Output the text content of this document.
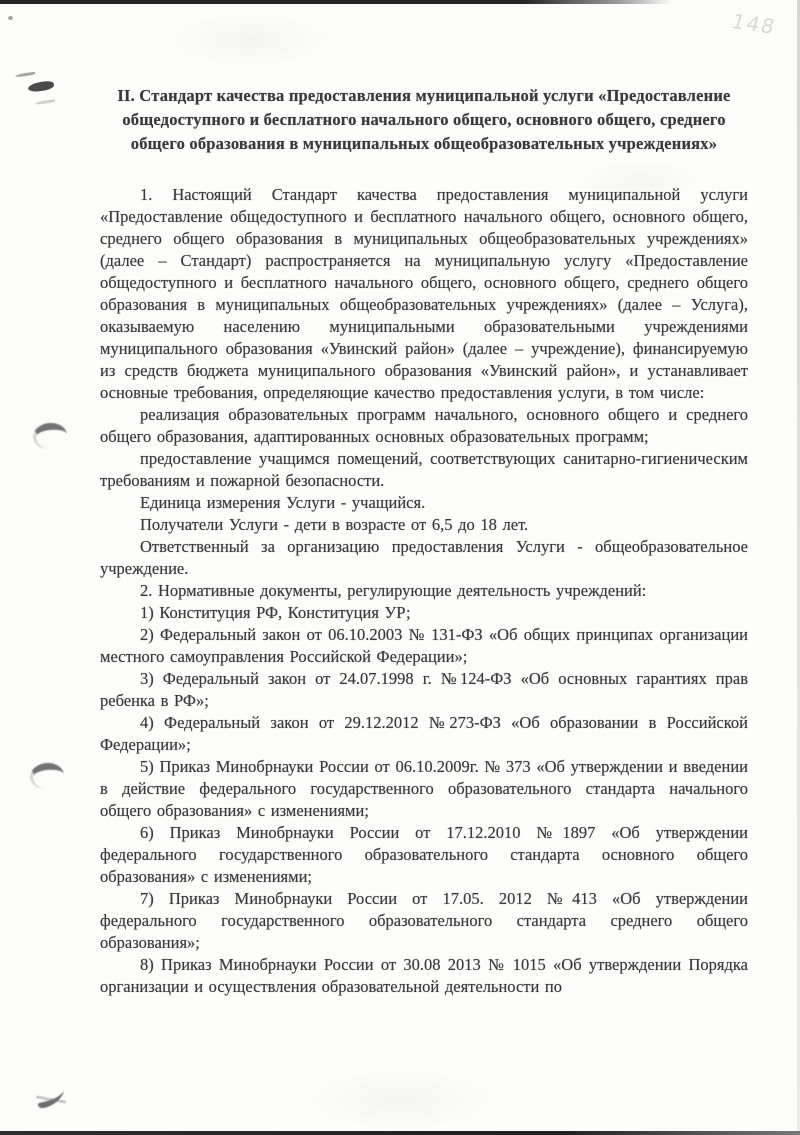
148

II. Стандарт качества предоставления муниципальной услуги «Предоставление общедоступного и бесплатного начального общего, основного общего, среднего общего образования в муниципальных общеобразовательных учреждениях»

1. Настоящий Стандарт качества предоставления муниципальной услуги «Предоставление общедоступного и бесплатного начального общего, основного общего, среднего общего образования в муниципальных общеобразовательных учреждениях» (далее – Стандарт) распространяется на муниципальную услугу «Предоставление общедоступного и бесплатного начального общего, основного общего, среднего общего образования в муниципальных общеобразовательных учреждениях» (далее – Услуга), оказываемую населению муниципальными образовательными учреждениями муниципального образования «Увинский район» (далее – учреждение), финансируемую из средств бюджета муниципального образования «Увинский район», и устанавливает основные требования, определяющие качество предоставления услуги, в том числе:

реализация образовательных программ начального, основного общего и среднего общего образования, адаптированных основных образовательных программ;

предоставление учащимся помещений, соответствующих санитарно-гигиеническим требованиям и пожарной безопасности.

Единица измерения Услуги - учащийся.

Получатели Услуги - дети в возрасте от 6,5 до 18 лет.

Ответственный за организацию предоставления Услуги - общеобразовательное учреждение.

2. Нормативные документы, регулирующие деятельность учреждений:

1) Конституция РФ, Конституция УР;

2) Федеральный закон от 06.10.2003 № 131-ФЗ «Об общих принципах организации местного самоуправления Российской Федерации»;

3) Федеральный закон от 24.07.1998 г. №124-ФЗ «Об основных гарантиях прав ребенка в РФ»;

4) Федеральный закон от 29.12.2012 №273-ФЗ «Об образовании в Российской Федерации»;

5) Приказ Минобрнауки России от 06.10.2009г. № 373 «Об утверждении и введении в действие федерального государственного образовательного стандарта начального общего образования» с изменениями;

6) Приказ Минобрнауки России от 17.12.2010 №1897 «Об утверждении федерального государственного образовательного стандарта основного общего образования» с изменениями;

7) Приказ Минобрнауки России от 17.05. 2012 №413 «Об утверждении федерального государственного образовательного стандарта среднего общего образования»;

8) Приказ Минобрнауки России от 30.08 2013 № 1015 «Об утверждении Порядка организации и осуществления образовательной деятельности по
